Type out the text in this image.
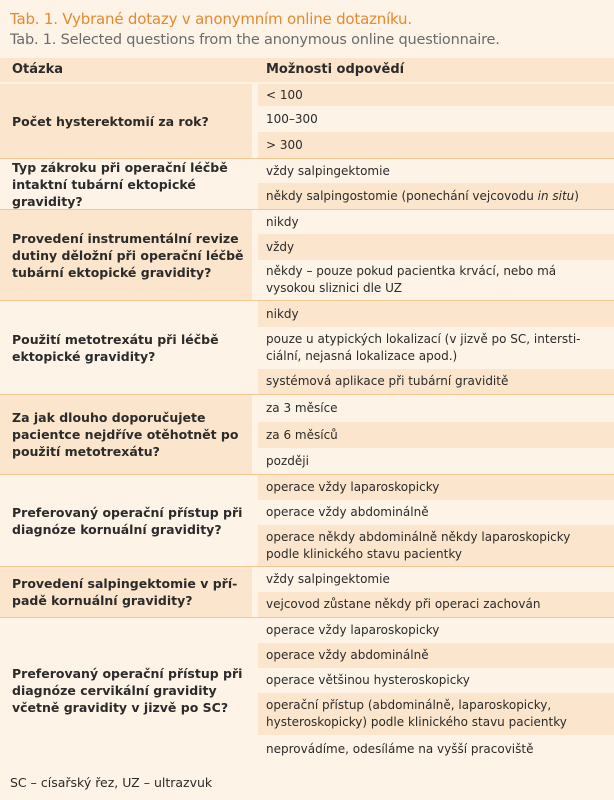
Tab. 1. Vybrané dotazy v anonymním online dotazníku.
Tab. 1. Selected questions from the anonymous online questionnaire.
Otázka	Možnosti odpovědí
Počet hysterektomií za rok?
< 100
100–300
> 300
Typ zákroku při operační léčbě intaktní tubární ektopické gravidity?
vždy salpingektomie
někdy salpingostomie (ponechání vejcovodu in situ)
Provedení instrumentální revize dutiny děložní při operační léčbě tubární ektopické gravidity?
nikdy
vždy
někdy – pouze pokud pacientka krvácí, nebo má vysokou sliznici dle UZ
Použití metotrexátu při léčbě ektopické gravidity?
nikdy
pouze u atypických lokalizací (v jizvě po SC, intersti-ciální, nejasná lokalizace apod.)
systémová aplikace při tubární graviditě
Za jak dlouho doporučujete pacientce nejdříve otěhotnět po použití metotrexátu?
za 3 měsíce
za 6 měsíců
později
Preferovaný operační přístup při diagnóze kornuální gravidity?
operace vždy laparoskopicky
operace vždy abdominálně
operace někdy abdominálně někdy laparoskopicky podle klinického stavu pacientky
Provedení salpingektomie v pří-padě kornuální gravidity?
vždy salpingektomie
vejcovod zůstane někdy při operaci zachován
Preferovaný operační přístup při diagnóze cervikální gravidity včetně gravidity v jizvě po SC?
operace vždy laparoskopicky
operace vždy abdominálně
operace většinou hysteroskopicky
operační přístup (abdominálně, laparoskopicky, hysteroskopicky) podle klinického stavu pacientky
neprovádíme, odesíláme na vyšší pracoviště
SC – císařský řez, UZ – ultrazvuk
